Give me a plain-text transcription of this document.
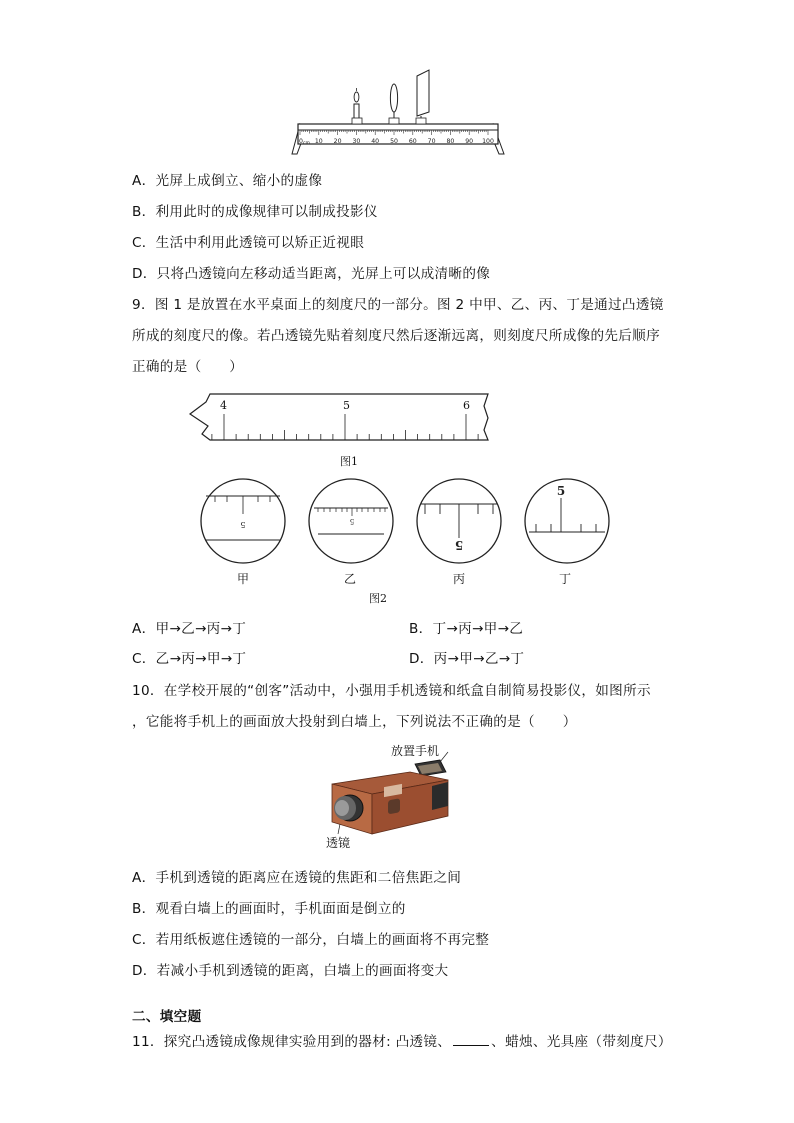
0 cm 10 20 30 40 50 60 70 80 90 100
A．光屏上成倒立、缩小的虚像
B．利用此时的成像规律可以制成投影仪
C．生活中利用此透镜可以矫正近视眼
D．只将凸透镜向左移动适当距离，光屏上可以成清晰的像
9．图 1 是放置在水平桌面上的刻度尺的一部分。图 2 中甲、乙、丙、丁是通过凸透镜
所成的刻度尺的像。若凸透镜先贴着刻度尺然后逐渐远离，则刻度尺所成像的先后顺序
正确的是（　　）
4	5	6
图1
5	5
5
5
甲	乙	丙	丁
图2
A．甲→乙→丙→丁	B．丁→丙→甲→乙
C．乙→丙→甲→丁	D．丙→甲→乙→丁
10．在学校开展的“创客”活动中，小强用手机透镜和纸盒自制简易投影仪，如图所示
，它能将手机上的画面放大投射到白墙上，下列说法不正确的是（　　）
放置手机
透镜
A．手机到透镜的距离应在透镜的焦距和二倍焦距之间
B．观看白墙上的画面时，手机面面是倒立的
C．若用纸板遮住透镜的一部分，白墙上的画面将不再完整
D．若减小手机到透镜的距离，白墙上的画面将变大
二、填空题
11．探究凸透镜成像规律实验用到的器材: 凸透镜、	、蜡烛、光具座（带刻度尺）
